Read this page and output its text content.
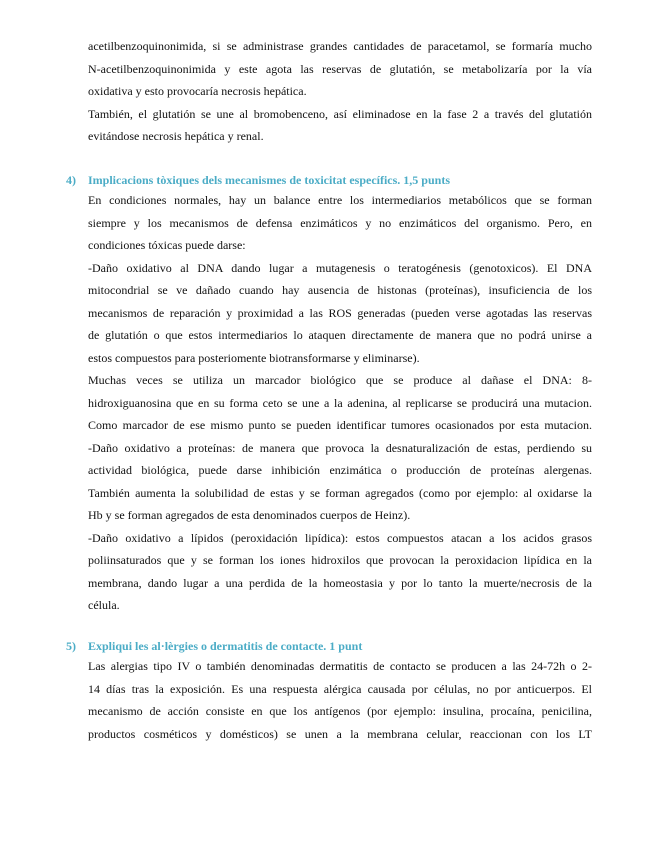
acetilbenzoquinonimida, si se administrase grandes cantidades de paracetamol, se formaría mucho
N-acetilbenzoquinonimida y este agota las reservas de glutatión, se metabolizaría por la vía
oxidativa y esto provocaría necrosis hepática.
También, el glutatión se une al bromobenceno, así eliminadose en la fase 2 a través del glutatión
evitándose necrosis hepática y renal.
4) Implicacions tòxiques dels mecanismes de toxicitat específics. 1,5 punts
En condiciones normales, hay un balance entre los intermediarios metabólicos que se forman
siempre y los mecanismos de defensa enzimáticos y no enzimáticos del organismo. Pero, en
condiciones tóxicas puede darse:
-Daño oxidativo al DNA dando lugar a mutagenesis o teratogénesis (genotoxicos). El DNA
mitocondrial se ve dañado cuando hay ausencia de histonas (proteínas), insuficiencia de los
mecanismos de reparación y proximidad a las ROS generadas (pueden verse agotadas las reservas
de glutatión o que estos intermediarios lo ataquen directamente de manera que no podrá unirse a
estos compuestos para posteriomente biotransformarse y eliminarse).
Muchas veces se utiliza un marcador biológico que se produce al dañase el DNA: 8-
hidroxiguanosina que en su forma ceto se une a la adenina, al replicarse se producirá una mutacion.
Como marcador de ese mismo punto se pueden identificar tumores ocasionados por esta mutacion.
-Daño oxidativo a proteínas: de manera que provoca la desnaturalización de estas, perdiendo su
actividad biológica, puede darse inhibición enzimática o producción de proteínas alergenas.
También aumenta la solubilidad de estas y se forman agregados (como por ejemplo: al oxidarse la
Hb y se forman agregados de esta denominados cuerpos de Heinz).
-Daño oxidativo a lípidos (peroxidación lipídica): estos compuestos atacan a los acidos grasos
poliinsaturados que y se forman los iones hidroxilos que provocan la peroxidacion lipídica en la
membrana, dando lugar a una perdida de la homeostasia y por lo tanto la muerte/necrosis de la
célula.
5) Expliqui les al·lèrgies o dermatitis de contacte. 1 punt
Las alergias tipo IV o también denominadas dermatitis de contacto se producen a las 24-72h o 2-
14 días tras la exposición. Es una respuesta alérgica causada por células, no por anticuerpos. El
mecanismo de acción consiste en que los antígenos (por ejemplo: insulina, procaína, penicilina,
productos cosméticos y domésticos) se unen a la membrana celular, reaccionan con los LT
